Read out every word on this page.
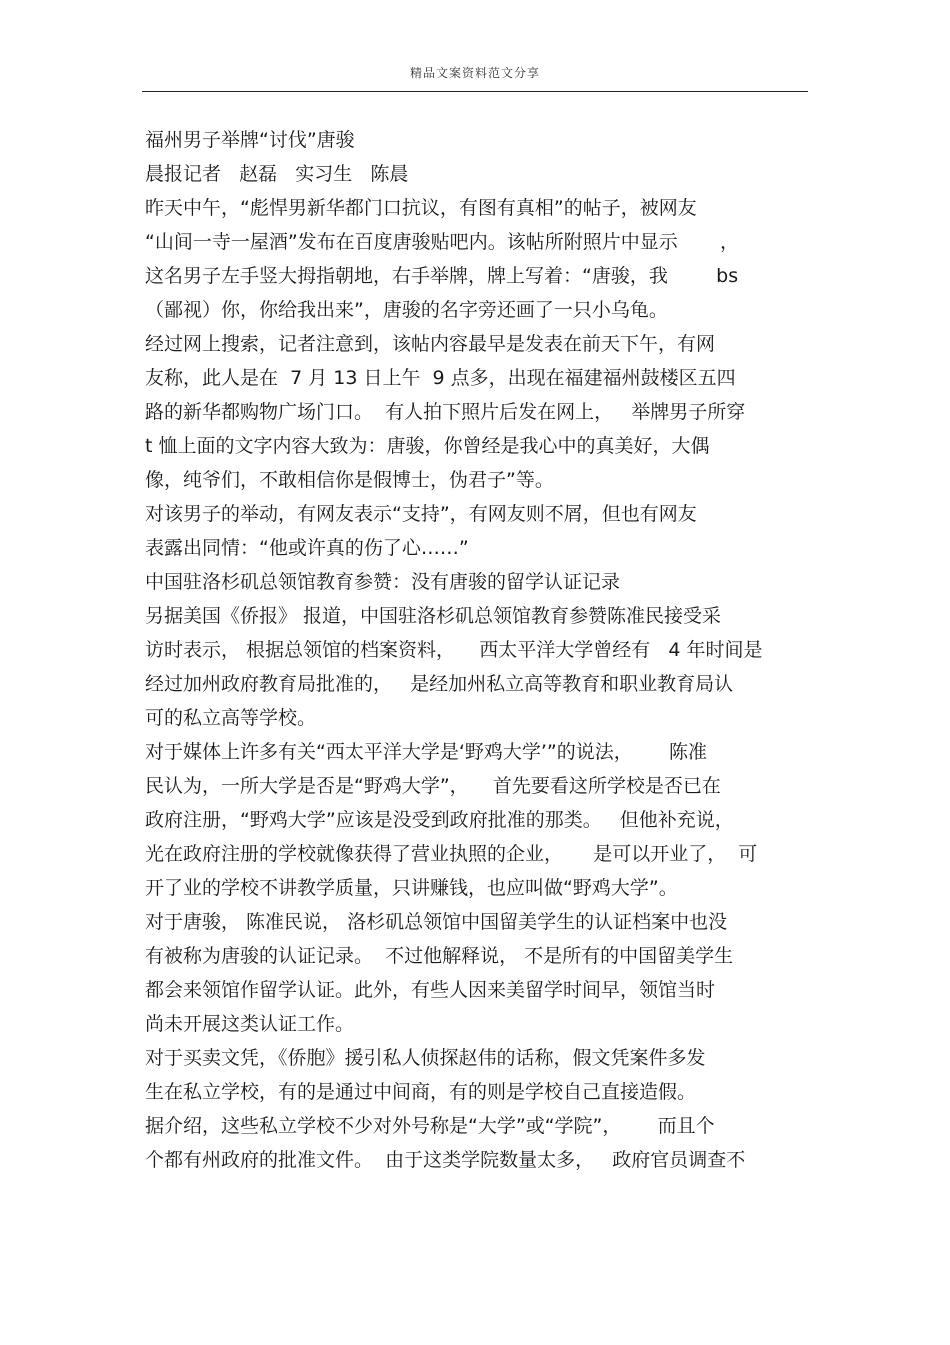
精品文案资料范文分享
福州男子举牌“讨伐”唐骏
晨报记者   赵磊   实习生   陈晨
昨天中午，“彪悍男新华都门口抗议，有图有真相”的帖子，被网友
“山间一寺一屋酒”发布在百度唐骏贴吧内。该帖所附照片中显示       ，
这名男子左手竖大拇指朝地，右手举牌，牌上写着：“唐骏，我        bs
（鄙视）你，你给我出来”，唐骏的名字旁还画了一只小乌龟。
经过网上搜索，记者注意到，该帖内容最早是发表在前天下午，有网
友称，此人是在  7 月 13 日上午  9 点多，出现在福建福州鼓楼区五四
路的新华都购物广场门口。  有人拍下照片后发在网上，   举牌男子所穿
t 恤上面的文字内容大致为：唐骏，你曾经是我心中的真美好，大偶
像，纯爷们，不敢相信你是假博士，伪君子”等。
对该男子的举动，有网友表示“支持”，有网友则不屑，但也有网友
表露出同情：“他或许真的伤了心……”
中国驻洛杉矶总领馆教育参赞：没有唐骏的留学认证记录
另据美国《侨报》 报道，中国驻洛杉矶总领馆教育参赞陈准民接受采
访时表示， 根据总领馆的档案资料，    西太平洋大学曾经有   4 年时间是
经过加州政府教育局批准的，   是经加州私立高等教育和职业教育局认
可的私立高等学校。
对于媒体上许多有关“西太平洋大学是‘野鸡大学’”的说法，      陈准
民认为，一所大学是否是“野鸡大学”，    首先要看这所学校是否已在
政府注册，“野鸡大学”应该是没受到政府批准的那类。   但他补充说，
光在政府注册的学校就像获得了营业执照的企业，     是可以开业了，  可
开了业的学校不讲教学质量，只讲赚钱，也应叫做“野鸡大学”。
对于唐骏， 陈准民说， 洛杉矶总领馆中国留美学生的认证档案中也没
有被称为唐骏的认证记录。  不过他解释说， 不是所有的中国留美学生
都会来领馆作留学认证。此外，有些人因来美留学时间早，领馆当时
尚未开展这类认证工作。
对于买卖文凭，《侨胞》援引私人侦探赵伟的话称，假文凭案件多发
生在私立学校，有的是通过中间商，有的则是学校自己直接造假。
据介绍，这些私立学校不少对外号称是“大学”或“学院”，      而且个
个都有州政府的批准文件。  由于这类学院数量太多，   政府官员调查不
